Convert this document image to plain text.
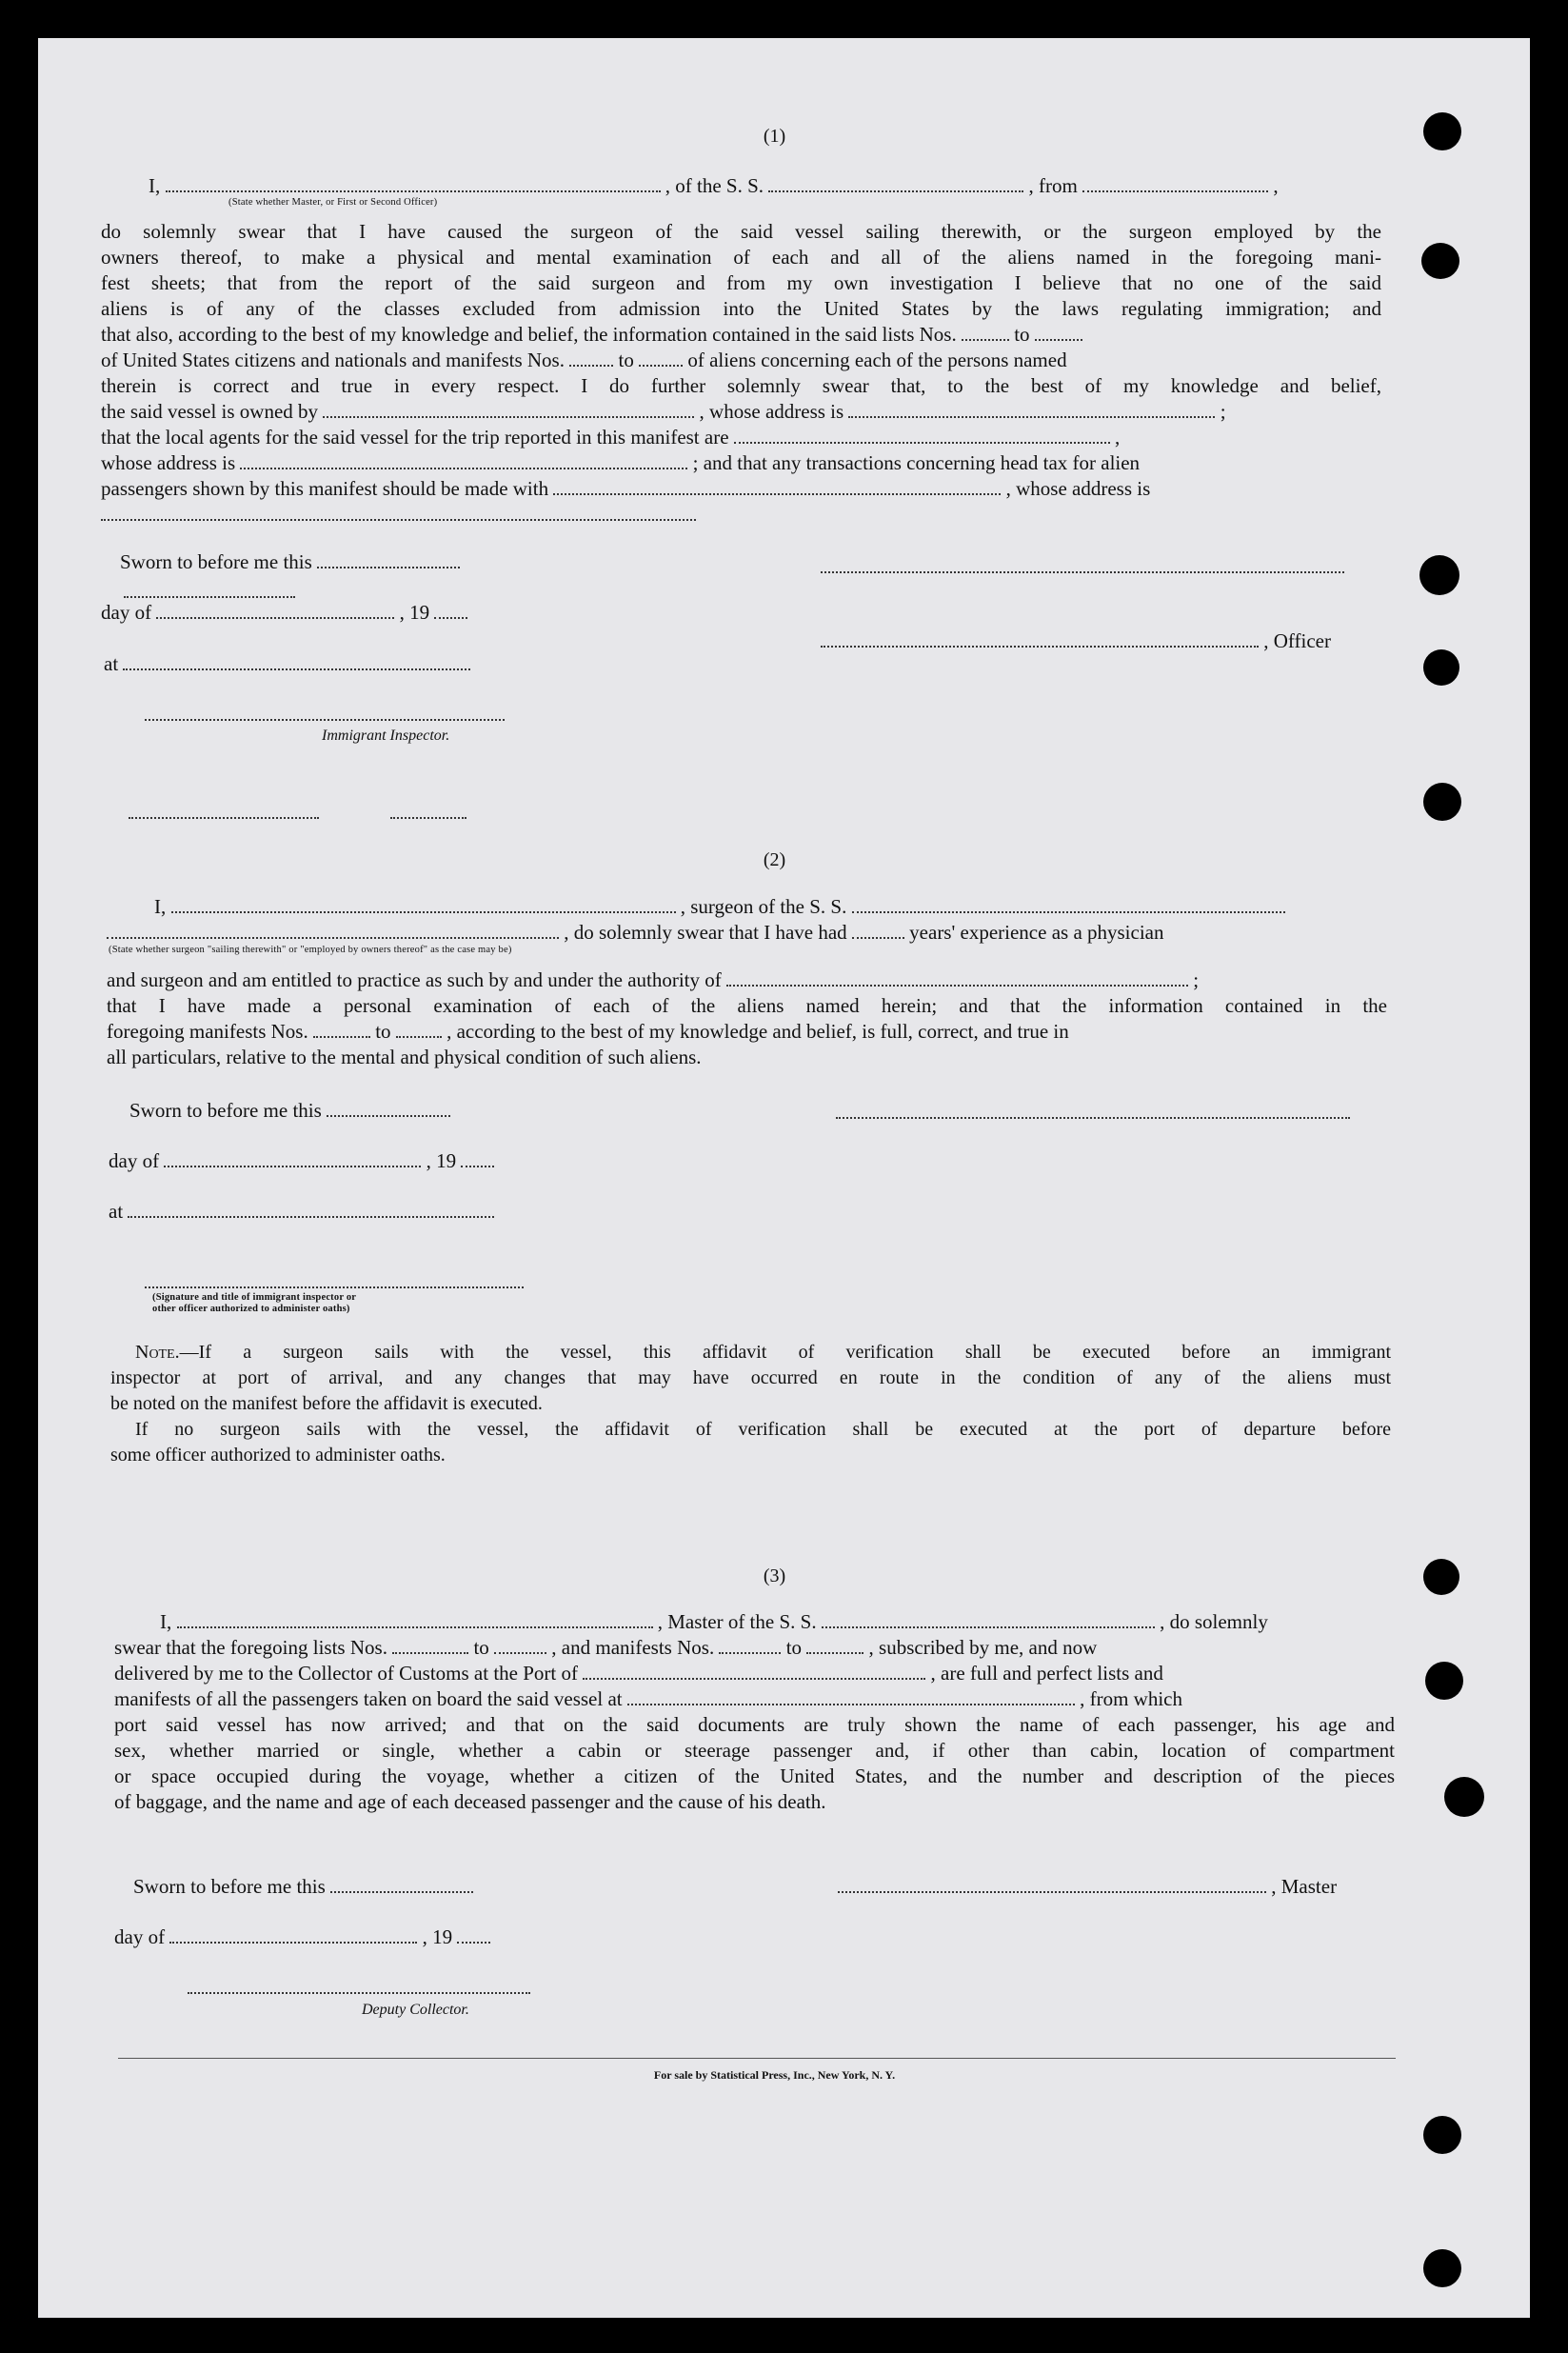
(1)
I,	, of the S. S.	, from	,
(State whether Master, or First or Second Officer)
do solemnly swear that I have caused the surgeon of the said vessel sailing therewith, or the surgeon employed by the
owners thereof, to make a physical and mental examination of each and all of the aliens named in the foregoing mani-
fest sheets; that from the report of the said surgeon and from my own investigation I believe that no one of the said
aliens is of any of the classes excluded from admission into the United States by the laws regulating immigration; and
that also, according to the best of my knowledge and belief, the information contained in the said lists Nos.	to
of United States citizens and nationals and manifests Nos.	to	of aliens concerning each of the persons named
therein is correct and true in every respect. I do further solemnly swear that, to the best of my knowledge and belief,
the said vessel is owned by	, whose address is	;
that the local agents for the said vessel for the trip reported in this manifest are	,
whose address is	; and that any transactions concerning head tax for alien
passengers shown by this manifest should be made with	, whose address is
Sworn to before me this
day of	, 19
at
Immigrant Inspector.
, Officer
(2)
I,	, surgeon of the S. S.
, do solemnly swear that I have had	years' experience as a physician
(State whether surgeon "sailing therewith" or "employed by owners thereof" as the case may be)
and surgeon and am entitled to practice as such by and under the authority of	;
that I have made a personal examination of each of the aliens named herein; and that the information contained in the
foregoing manifests Nos.	to	, according to the best of my knowledge and belief, is full, correct, and true in
all particulars, relative to the mental and physical condition of such aliens.
Sworn to before me this
day of	, 19
at
(Signature and title of immigrant inspector or
other officer authorized to administer oaths)
Note.—If a surgeon sails with the vessel, this affidavit of verification shall be executed before an immigrant
inspector at port of arrival, and any changes that may have occurred en route in the condition of any of the aliens must
be noted on the manifest before the affidavit is executed.
If no surgeon sails with the vessel, the affidavit of verification shall be executed at the port of departure before
some officer authorized to administer oaths.
(3)
I,	, Master of the S. S.	, do solemnly
swear that the foregoing lists Nos.	to	, and manifests Nos.	to	, subscribed by me, and now
delivered by me to the Collector of Customs at the Port of	, are full and perfect lists and
manifests of all the passengers taken on board the said vessel at	, from which
port said vessel has now arrived; and that on the said documents are truly shown the name of each passenger, his age and
sex, whether married or single, whether a cabin or steerage passenger and, if other than cabin, location of compartment
or space occupied during the voyage, whether a citizen of the United States, and the number and description of the pieces
of baggage, and the name and age of each deceased passenger and the cause of his death.
Sworn to before me this	, Master
day of	, 19
Deputy Collector.
For sale by Statistical Press, Inc., New York, N. Y.
